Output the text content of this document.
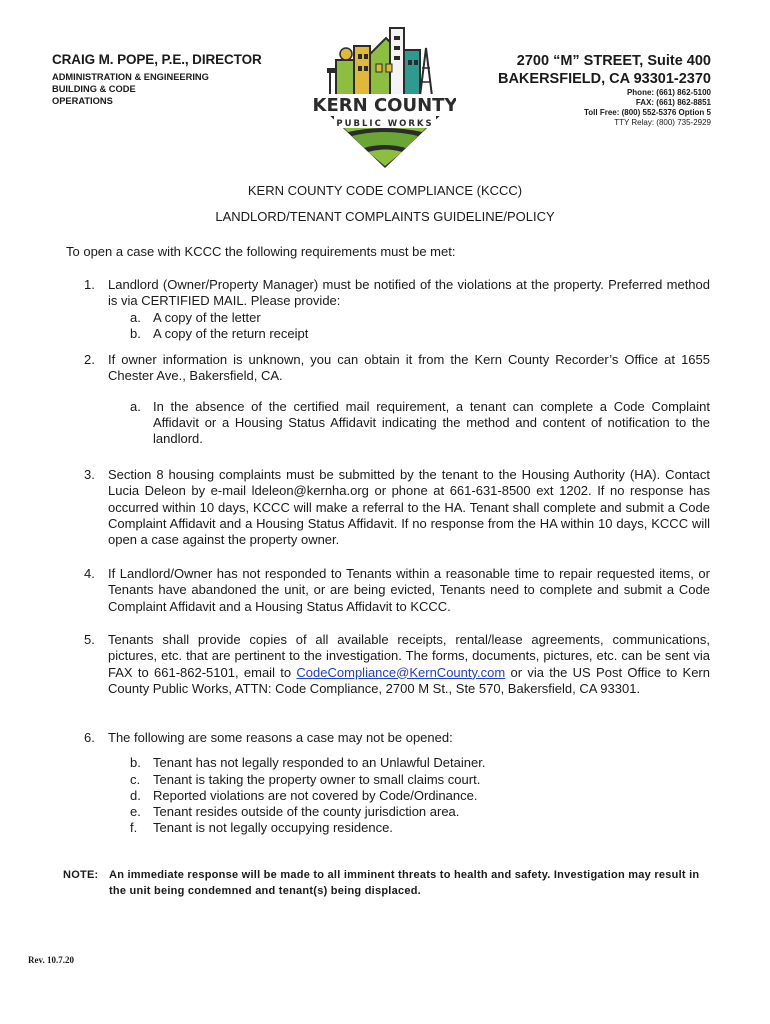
CRAIG M. POPE, P.E., DIRECTOR
ADMINISTRATION & ENGINEERING
BUILDING & CODE
OPERATIONS	KERN COUNTY
PUBLIC WORKS
2700 “M” STREET, Suite 400
BAKERSFIELD, CA 93301-2370
Phone: (661) 862-5100
FAX: (661) 862-8851
Toll Free: (800) 552-5376 Option 5
TTY Relay: (800) 735-2929
KERN COUNTY CODE COMPLIANCE (KCCC)
LANDLORD/TENANT COMPLAINTS GUIDELINE/POLICY
To open a case with KCCC the following requirements must be met:
1. Landlord (Owner/Property Manager) must be notified of the violations at the property. Preferred method is via CERTIFIED MAIL. Please provide:
a. A copy of the letter
b. A copy of the return receipt
2. If owner information is unknown, you can obtain it from the Kern County Recorder’s Office at 1655 Chester Ave., Bakersfield, CA.
a. In the absence of the certified mail requirement, a tenant can complete a Code Complaint Affidavit or a Housing Status Affidavit indicating the method and content of notification to the landlord.
3. Section 8 housing complaints must be submitted by the tenant to the Housing Authority (HA). Contact Lucia Deleon by e-mail ldeleon@kernha.org or phone at 661-631-8500 ext 1202. If no response has occurred within 10 days, KCCC will make a referral to the HA. Tenant shall complete and submit a Code Complaint Affidavit and a Housing Status Affidavit. If no response from the HA within 10 days, KCCC will open a case against the property owner.
4. If Landlord/Owner has not responded to Tenants within a reasonable time to repair requested items, or Tenants have abandoned the unit, or are being evicted, Tenants need to complete and submit a Code Complaint Affidavit and a Housing Status Affidavit to KCCC.
5. Tenants shall provide copies of all available receipts, rental/lease agreements, communications, pictures, etc. that are pertinent to the investigation. The forms, documents, pictures, etc. can be sent via FAX to 661-862-5101, email to CodeCompliance@KernCounty.com or via the US Post Office to Kern County Public Works, ATTN: Code Compliance, 2700 M St., Ste 570, Bakersfield, CA 93301.
6. The following are some reasons a case may not be opened:
b. Tenant has not legally responded to an Unlawful Detainer.
c. Tenant is taking the property owner to small claims court.
d. Reported violations are not covered by Code/Ordinance.
e. Tenant resides outside of the county jurisdiction area.
f. Tenant is not legally occupying residence.
NOTE: An immediate response will be made to all imminent threats to health and safety. Investigation may result in the unit being condemned and tenant(s) being displaced.
Rev. 10.7.20
